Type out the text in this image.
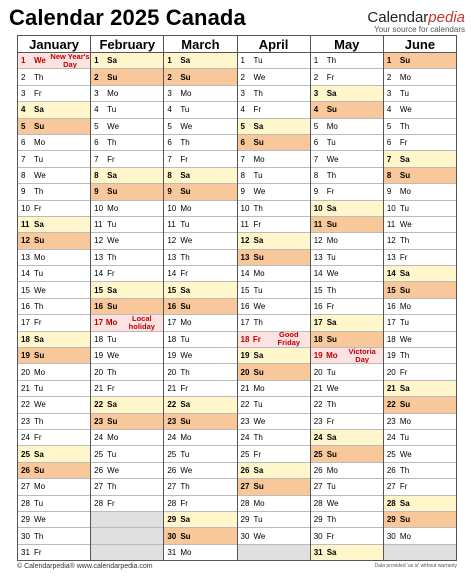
Calendar 2025 Canada	Calendarpedia
Your source for calendars
January
1	We New Year's Day
2	Th
3	Fr
4	Sa
5	Su
6	Mo
7	Tu
8	We
9	Th
10 Fr
11 Sa
12 Su
13 Mo
14 Tu
15 We
16 Th
17 Fr
18 Sa
19 Su
20 Mo
21 Tu
22 We
23 Th
24 Fr
25 Sa
26 Su
27 Mo
28 Tu
29 We
30 Th
31 Fr
February
1	Sa
2	Su
3	Mo
4	Tu
5	We
6	Th
7	Fr
8	Sa
9	Su
10 Mo
11 Tu
12 We
13 Th
14 Fr
15 Sa
16 Su
17 Mo	Local holiday
18 Tu
19 We
20 Th
21 Fr
22 Sa
23 Su
24 Mo
25 Tu
26 We
27 Th
28 Fr
March
1	Sa
2	Su
3	Mo
4	Tu
5	We
6	Th
7	Fr
8	Sa
9	Su
10 Mo
11 Tu
12 We
13 Th
14 Fr
15 Sa
16 Su
17 Mo
18 Tu
19 We
20 Th
21 Fr
22 Sa
23 Su
24 Mo
25 Tu
26 We
27 Th
28 Fr
29 Sa
30 Su
31 Mo
April
1	Tu
2	We
3	Th
4	Fr
5	Sa
6	Su
7	Mo
8	Tu
9	We
10 Th
11 Fr
12 Sa
13 Su
14 Mo
15 Tu
16 We
17 Th
18 Fr	Good Friday
19 Sa
20 Su
21 Mo
22 Tu
23 We
24 Th
25 Fr
26 Sa
27 Su
28 Mo
29 Tu
30 We
May
1	Th
2	Fr
3	Sa
4	Su
5	Mo
6	Tu
7	We
8	Th
9	Fr
10 Sa
11 Su
12 Mo
13 Tu
14 We
15 Th
16 Fr
17 Sa
18 Su
19 Mo	Victoria Day
20 Tu
21 We
22 Th
23 Fr
24 Sa
25 Su
26 Mo
27 Tu
28 We
29 Th
30 Fr
31 Sa
June
1	Su
2	Mo
3	Tu
4	We
5	Th
6	Fr
7	Sa
8	Su
9	Mo
10 Tu
11 We
12 Th
13 Fr
14 Sa
15 Su
16 Mo
17 Tu
18 We
19 Th
20 Fr
21 Sa
22 Su
23 Mo
24 Tu
25 We
26 Th
27 Fr
28 Sa
29 Su
30 Mo
© Calendarpedia® www.calendarpedia.com	Data provided 'as is' without warranty
